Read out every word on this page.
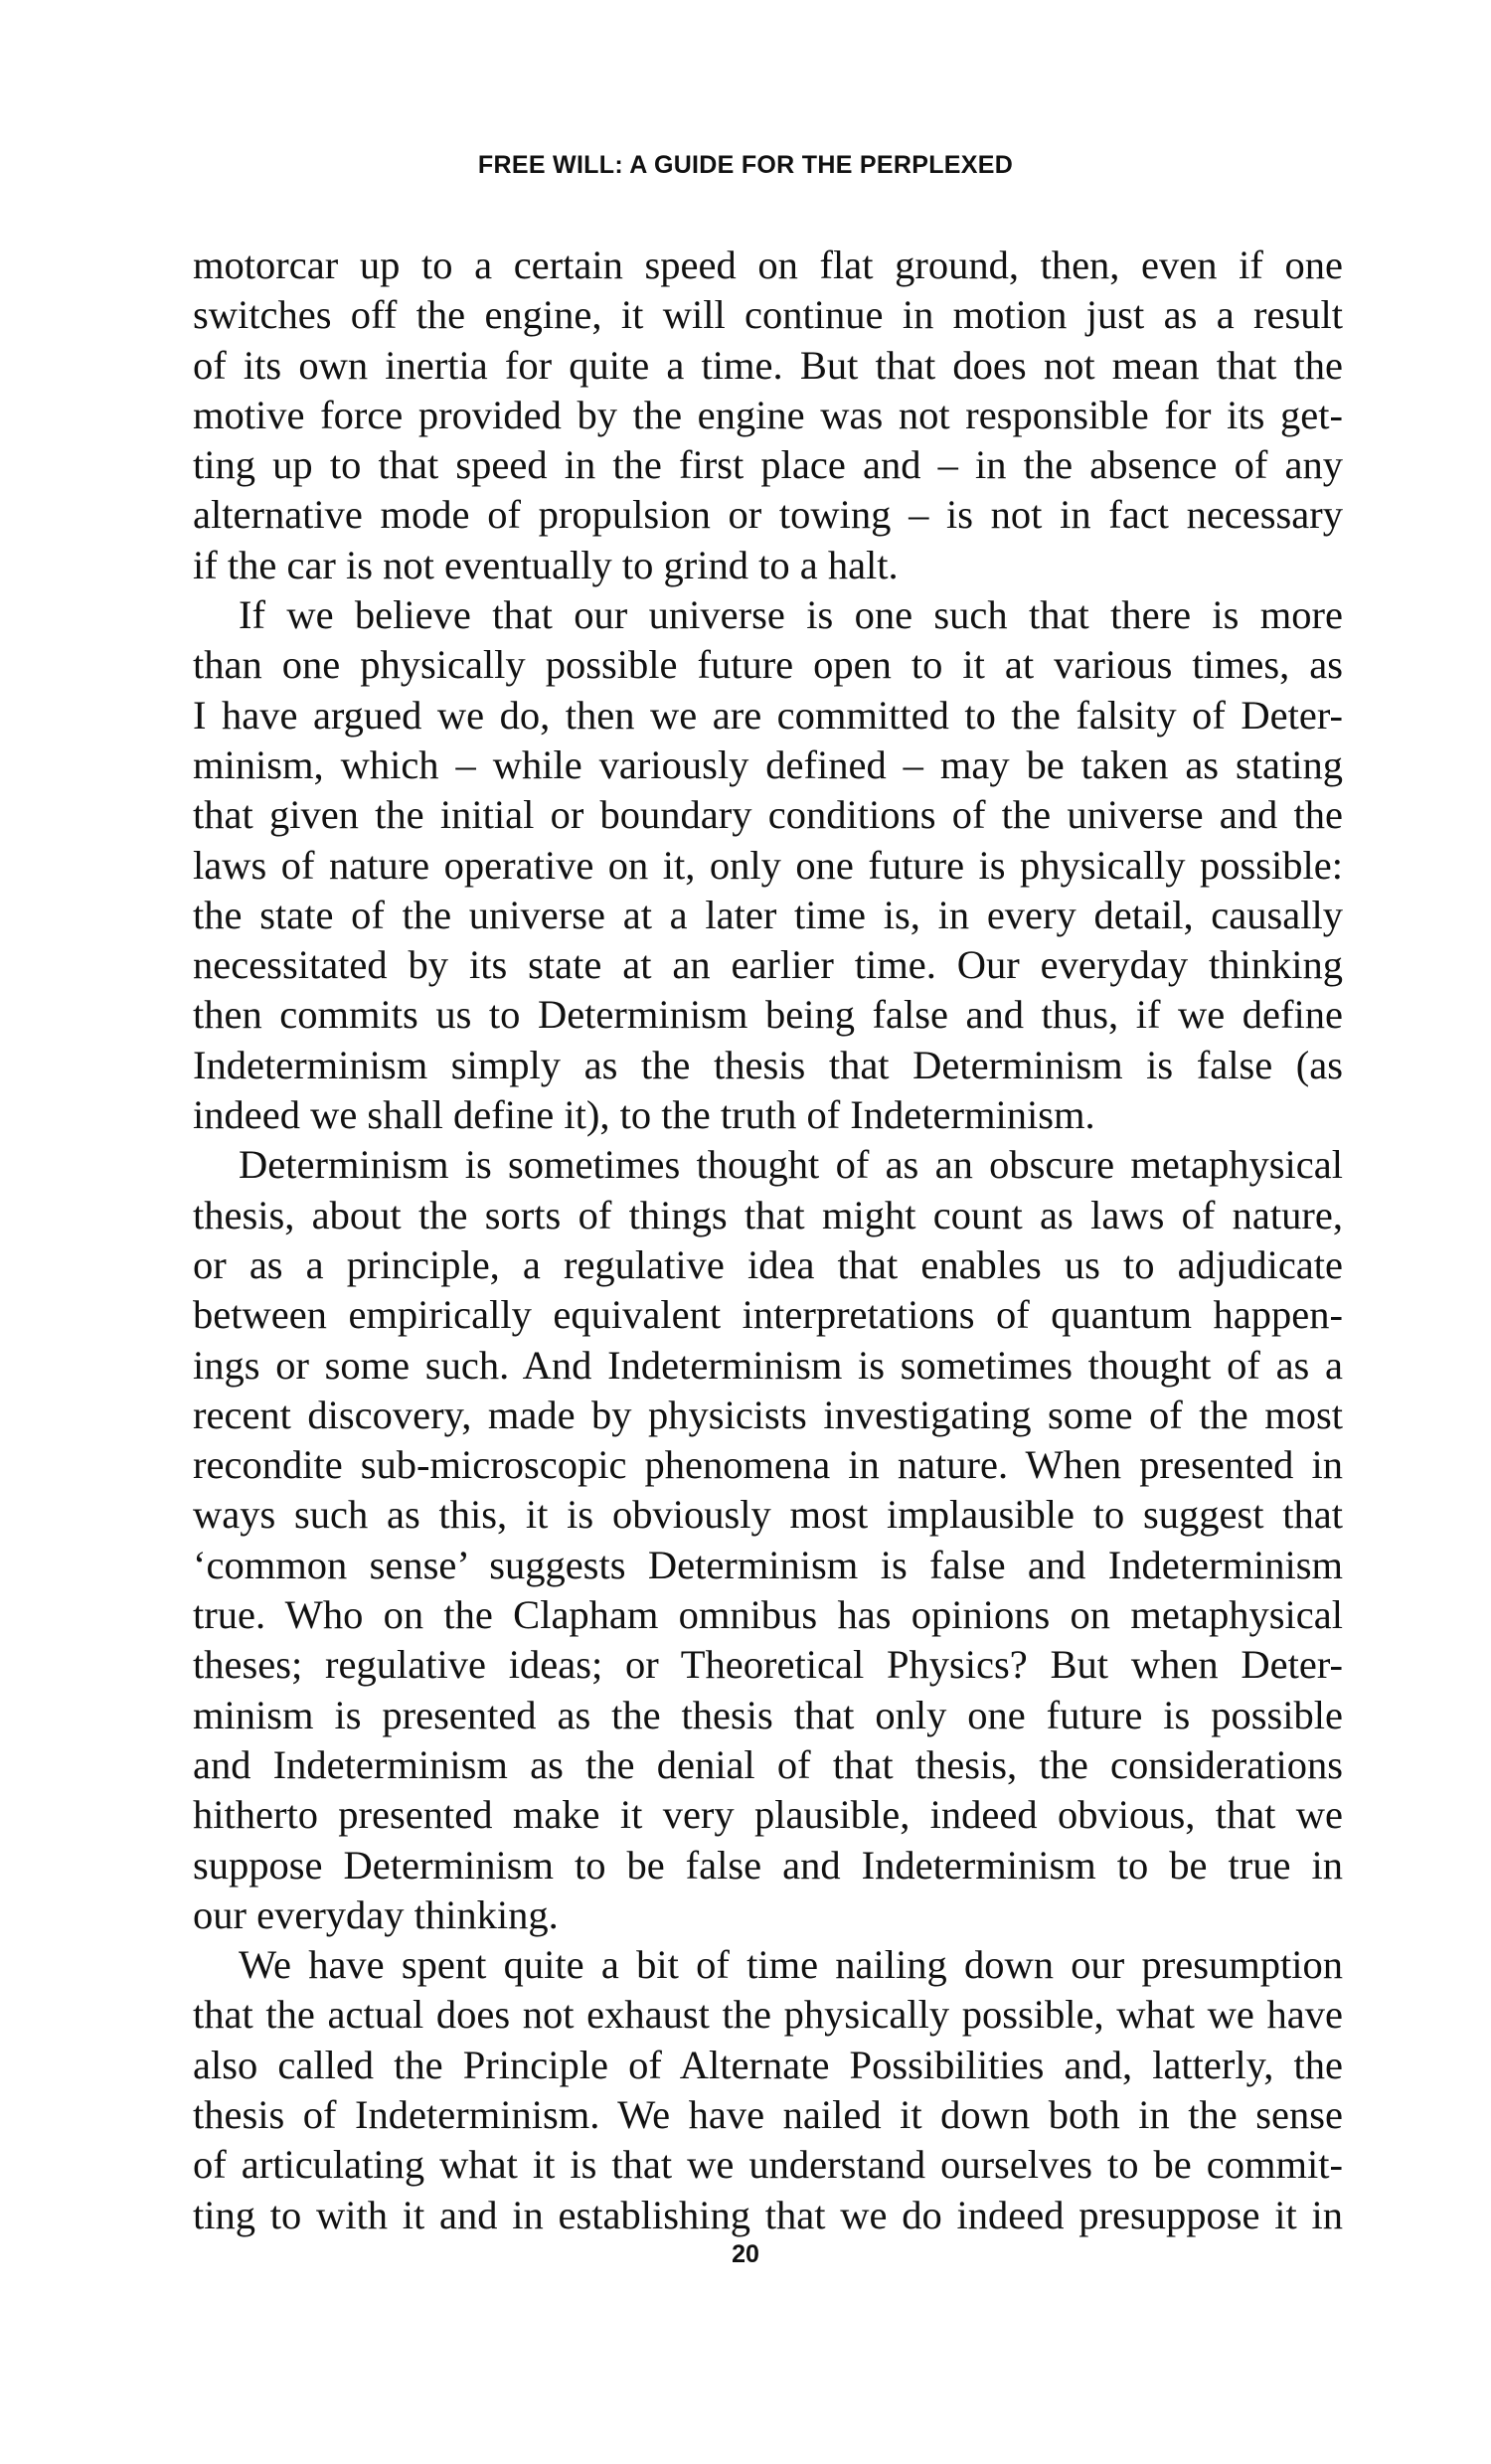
FREE WILL: A GUIDE FOR THE PERPLEXED
motorcar up to a certain speed on flat ground, then, even if one
switches off the engine, it will continue in motion just as a result
of its own inertia for quite a time. But that does not mean that the
motive force provided by the engine was not responsible for its get-
ting up to that speed in the first place and – in the absence of any
alternative mode of propulsion or towing – is not in fact necessary
if the car is not eventually to grind to a halt.
If we believe that our universe is one such that there is more
than one physically possible future open to it at various times, as
I have argued we do, then we are committed to the falsity of Deter-
minism, which – while variously defined – may be taken as stating
that given the initial or boundary conditions of the universe and the
laws of nature operative on it, only one future is physically possible:
the state of the universe at a later time is, in every detail, causally
necessitated by its state at an earlier time. Our everyday thinking
then commits us to Determinism being false and thus, if we define
Indeterminism simply as the thesis that Determinism is false (as
indeed we shall define it), to the truth of Indeterminism.
Determinism is sometimes thought of as an obscure metaphysical
thesis, about the sorts of things that might count as laws of nature,
or as a principle, a regulative idea that enables us to adjudicate
between empirically equivalent interpretations of quantum happen-
ings or some such. And Indeterminism is sometimes thought of as a
recent discovery, made by physicists investigating some of the most
recondite sub-microscopic phenomena in nature. When presented in
ways such as this, it is obviously most implausible to suggest that
‘common sense’ suggests Determinism is false and Indeterminism
true. Who on the Clapham omnibus has opinions on metaphysical
theses; regulative ideas; or Theoretical Physics? But when Deter-
minism is presented as the thesis that only one future is possible
and Indeterminism as the denial of that thesis, the considerations
hitherto presented make it very plausible, indeed obvious, that we
suppose Determinism to be false and Indeterminism to be true in
our everyday thinking.
We have spent quite a bit of time nailing down our presumption
that the actual does not exhaust the physically possible, what we have
also called the Principle of Alternate Possibilities and, latterly, the
thesis of Indeterminism. We have nailed it down both in the sense
of articulating what it is that we understand ourselves to be commit-
ting to with it and in establishing that we do indeed presuppose it in
20
